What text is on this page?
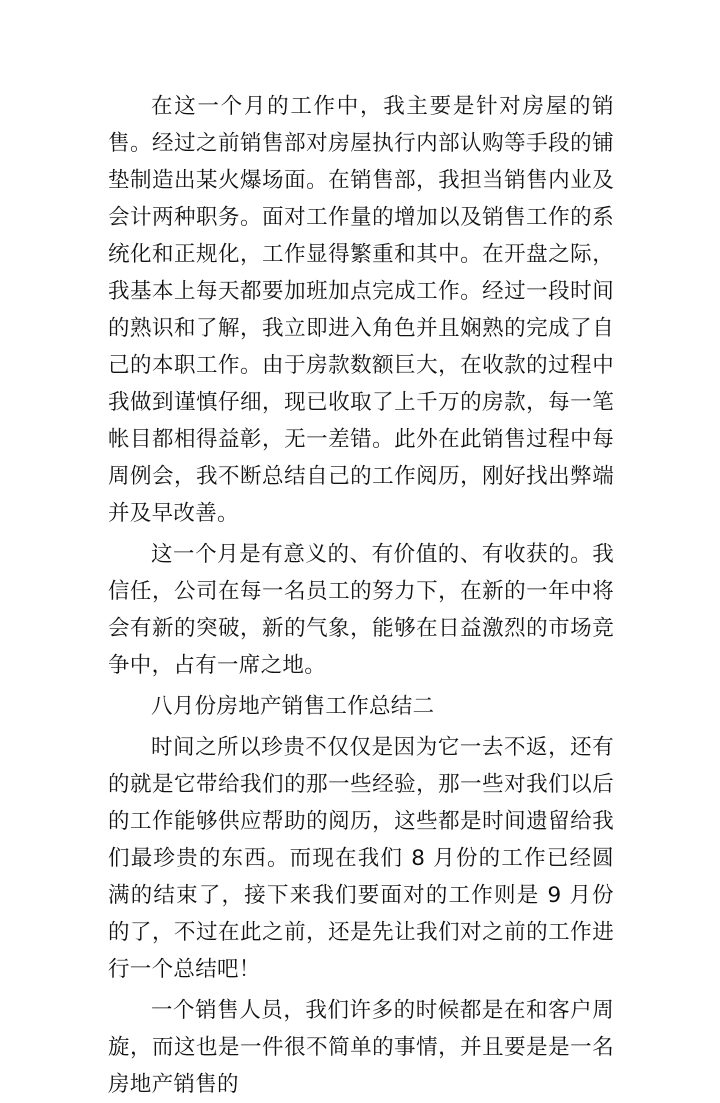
在这一个月的工作中，我主要是针对房屋的销售。经过之前销售部对房屋执行内部认购等手段的铺垫制造出某火爆场面。在销售部，我担当销售内业及会计两种职务。面对工作量的增加以及销售工作的系统化和正规化，工作显得繁重和其中。在开盘之际，我基本上每天都要加班加点完成工作。经过一段时间的熟识和了解，我立即进入角色并且娴熟的完成了自己的本职工作。由于房款数额巨大，在收款的过程中我做到谨慎仔细，现已收取了上千万的房款，每一笔帐目都相得益彰，无一差错。此外在此销售过程中每周例会，我不断总结自己的工作阅历，刚好找出弊端并及早改善。

这一个月是有意义的、有价值的、有收获的。我信任，公司在每一名员工的努力下，在新的一年中将会有新的突破，新的气象，能够在日益激烈的市场竞争中，占有一席之地。

八月份房地产销售工作总结二

时间之所以珍贵不仅仅是因为它一去不返，还有的就是它带给我们的那一些经验，那一些对我们以后的工作能够供应帮助的阅历，这些都是时间遗留给我们最珍贵的东西。而现在我们 8 月份的工作已经圆满的结束了，接下来我们要面对的工作则是 9 月份的了，不过在此之前，还是先让我们对之前的工作进行一个总结吧！

一个销售人员，我们许多的时候都是在和客户周旋，而这也是一件很不简单的事情，并且要是是一名房地产销售的
